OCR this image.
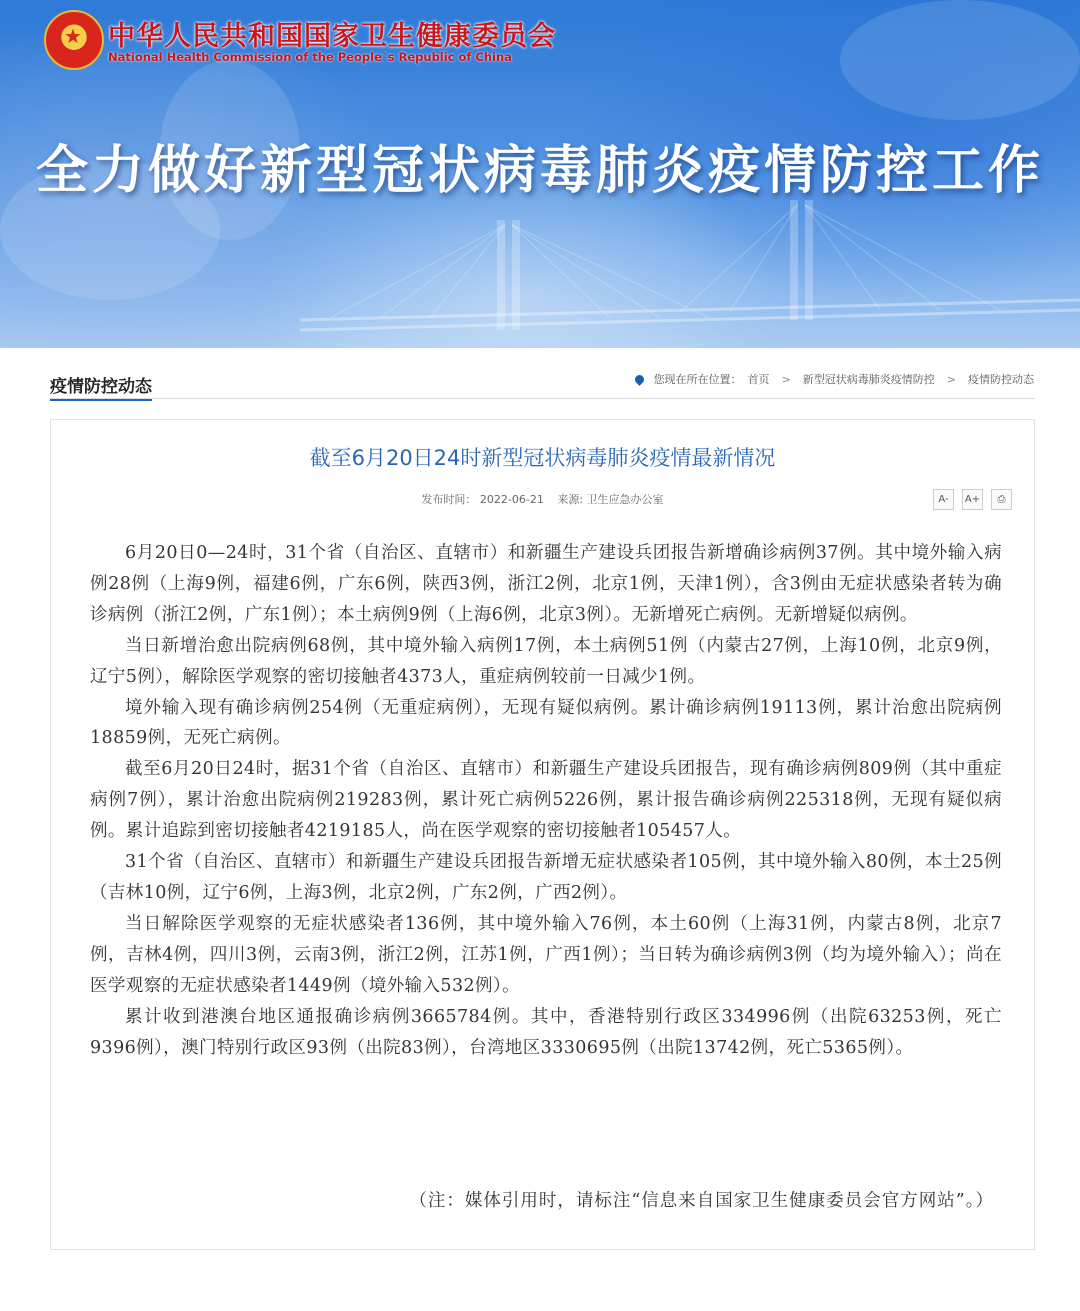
★ 中华人民共和国国家卫生健康委员会
National Health Commission of the People`s Republic of China
全力做好新型冠状病毒肺炎疫情防控工作
疫情防控动态	您现在所在位置： 首页 > 新型冠状病毒肺炎疫情防控 > 疫情防控动态
截至6月20日24时新型冠状病毒肺炎疫情最新情况
发布时间： 2022-06-21 来源: 卫生应急办公室	A-	A+ ⎙

6月20日0—24时，31个省（自治区、直辖市）和新疆生产建设兵团报告新增确诊病例37例。其中境外输入病例28例（上海9例，福建6例，广东6例，陕西3例，浙江2例，北京1例，天津1例），含3例由无症状感染者转为确诊病例（浙江2例，广东1例）；本土病例9例（上海6例，北京3例）。无新增死亡病例。无新增疑似病例。

当日新增治愈出院病例68例，其中境外输入病例17例，本土病例51例（内蒙古27例，上海10例，北京9例，辽宁5例），解除医学观察的密切接触者4373人，重症病例较前一日减少1例。

境外输入现有确诊病例254例（无重症病例），无现有疑似病例。累计确诊病例19113例，累计治愈出院病例18859例，无死亡病例。

截至6月20日24时，据31个省（自治区、直辖市）和新疆生产建设兵团报告，现有确诊病例809例（其中重症病例7例），累计治愈出院病例219283例，累计死亡病例5226例，累计报告确诊病例225318例，无现有疑似病例。累计追踪到密切接触者4219185人，尚在医学观察的密切接触者105457人。

31个省（自治区、直辖市）和新疆生产建设兵团报告新增无症状感染者105例，其中境外输入80例，本土25例（吉林10例，辽宁6例，上海3例，北京2例，广东2例，广西2例）。

当日解除医学观察的无症状感染者136例，其中境外输入76例，本土60例（上海31例，内蒙古8例，北京7例，吉林4例，四川3例，云南3例，浙江2例，江苏1例，广西1例）；当日转为确诊病例3例（均为境外输入）；尚在医学观察的无症状感染者1449例（境外输入532例）。

累计收到港澳台地区通报确诊病例3665784例。其中，香港特别行政区334996例（出院63253例，死亡9396例），澳门特别行政区93例（出院83例），台湾地区3330695例（出院13742例，死亡5365例）。

（注：媒体引用时，请标注“信息来自国家卫生健康委员会官方网站”。）
